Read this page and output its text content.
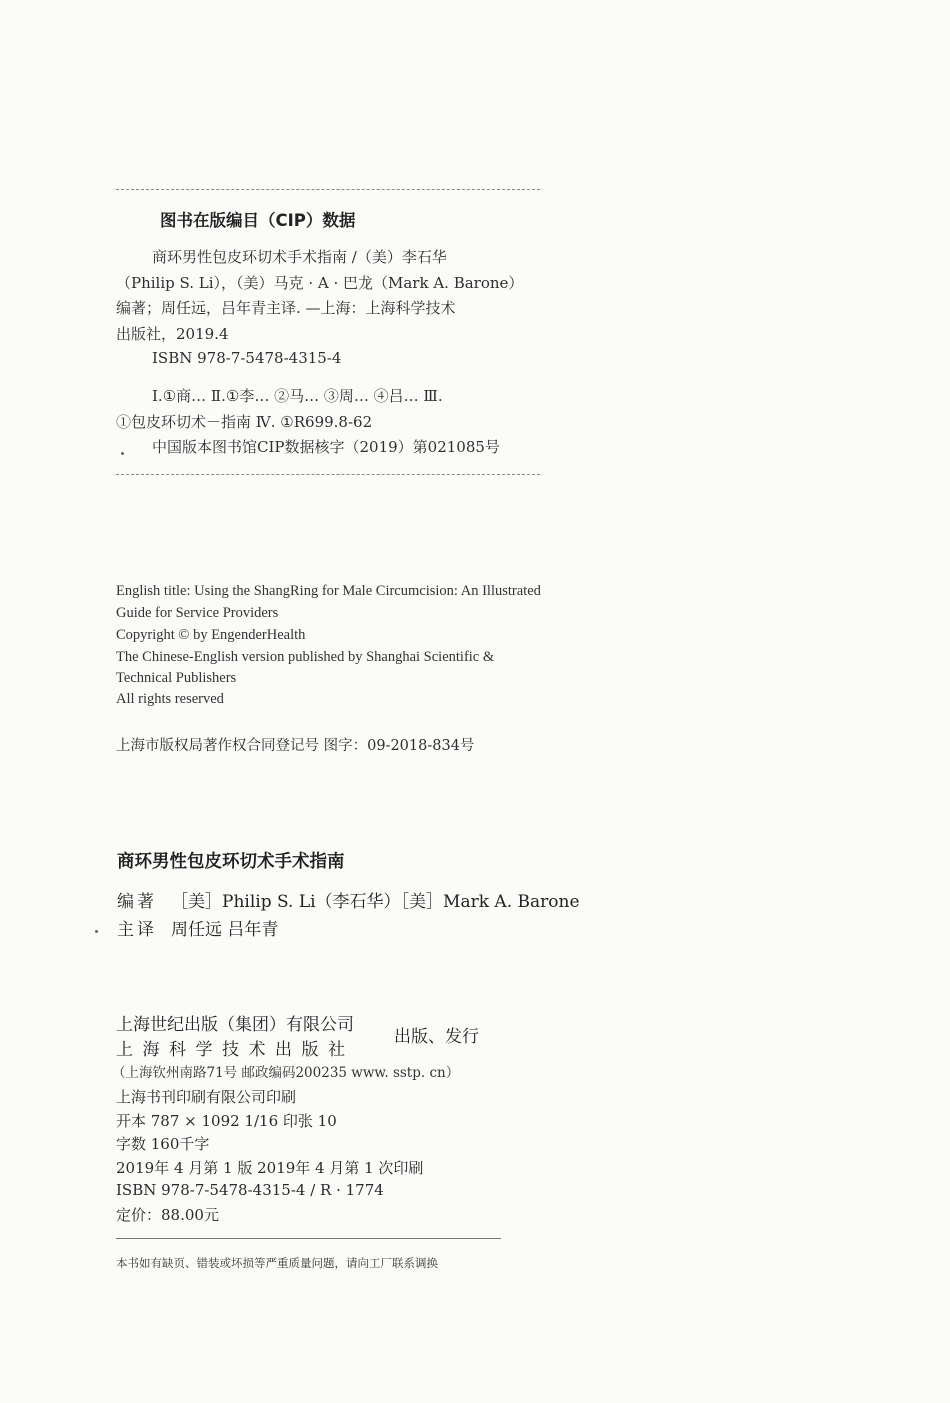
图书在版编目（CIP）数据
商环男性包皮环切术手术指南 /（美）李石华
（Philip S. Li），（美）马克 · A · 巴龙（Mark A. Barone）
编著；周任远，吕年青主译. —上海：上海科学技术
出版社，2019.4
ISBN 978-7-5478-4315-4
Ⅰ.①商… Ⅱ.①李… ②马… ③周… ④吕… Ⅲ.
①包皮环切术－指南 Ⅳ. ①R699.8-62
中国版本图书馆CIP数据核字（2019）第021085号
English title: Using the ShangRing for Male Circumcision: An Illustrated
Guide for Service Providers
Copyright © by EngenderHealth
The Chinese-English version published by Shanghai Scientific &
Technical Publishers
All rights reserved
上海市版权局著作权合同登记号 图字：09-2018-834号
商环男性包皮环切术手术指南
编著 ［美］Philip S. Li（李石华）［美］Mark A. Barone
主译 周任远 吕年青
上海世纪出版（集团）有限公司
上海科学技术出版社
出版、发行
（上海钦州南路71号 邮政编码200235 www. sstp. cn）
上海书刊印刷有限公司印刷
开本 787 × 1092 1/16 印张 10
字数 160千字
2019年 4 月第 1 版 2019年 4 月第 1 次印刷
ISBN 978-7-5478-4315-4 / R · 1774
定价：88.00元
本书如有缺页、错装或坏损等严重质量问题，请向工厂联系调换
